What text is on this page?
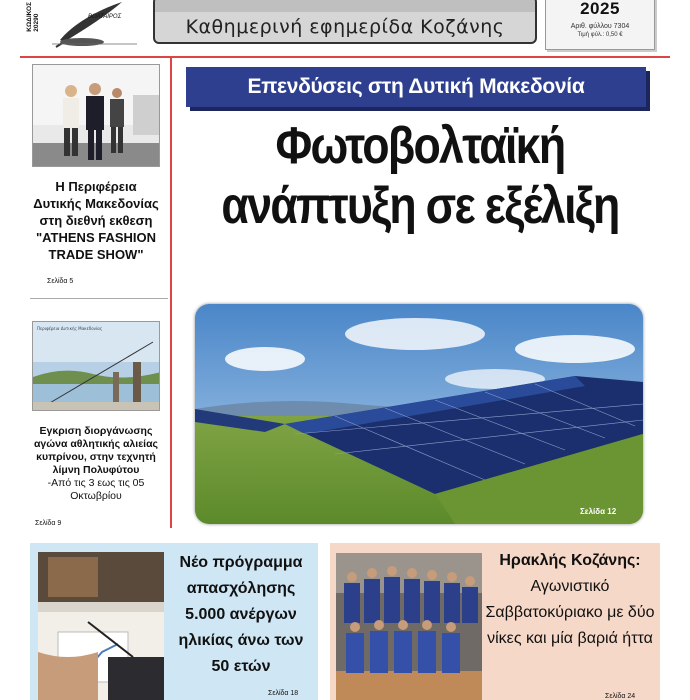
ΚΩΔΙΚΟΣ 20290	ΒΟΛΤΑΙΡΟΣ	Καθημερινή εφημερίδα Κοζάνης
2025
Αριθ. φύλλου 7304
Τιμή φύλ.: 0,50 €
Η Περιφέρεια Δυτικής Μακεδονίας στη διεθνή εκθεση "ATHENS FASHION TRADE SHOW"
Σελίδα 5
Περιφέρεια Δυτικής Μακεδονίας
Εγκριση διοργάνωσης αγώνα αθλητικής αλιείας κυπρίνου, στην τεχνητή λίμνη Πολυφύτου
-Από τις 3 εως τις 05 Οκτωβρίου
Σελίδα 9
Επενδύσεις στη Δυτική Μακεδονία
Φωτοβολταϊκή
ανάπτυξη σε εξέλιξη
Σελίδα 12
Νέο πρόγραμμα απασχόλησης 5.000 ανέργων ηλικίας άνω των 50 ετών
Σελίδα 18
Ηρακλής Κοζάνης:
Αγωνιστικό Σαββατοκύριακο με δύο νίκες και μία βαριά ήττα
Σελίδα 24
